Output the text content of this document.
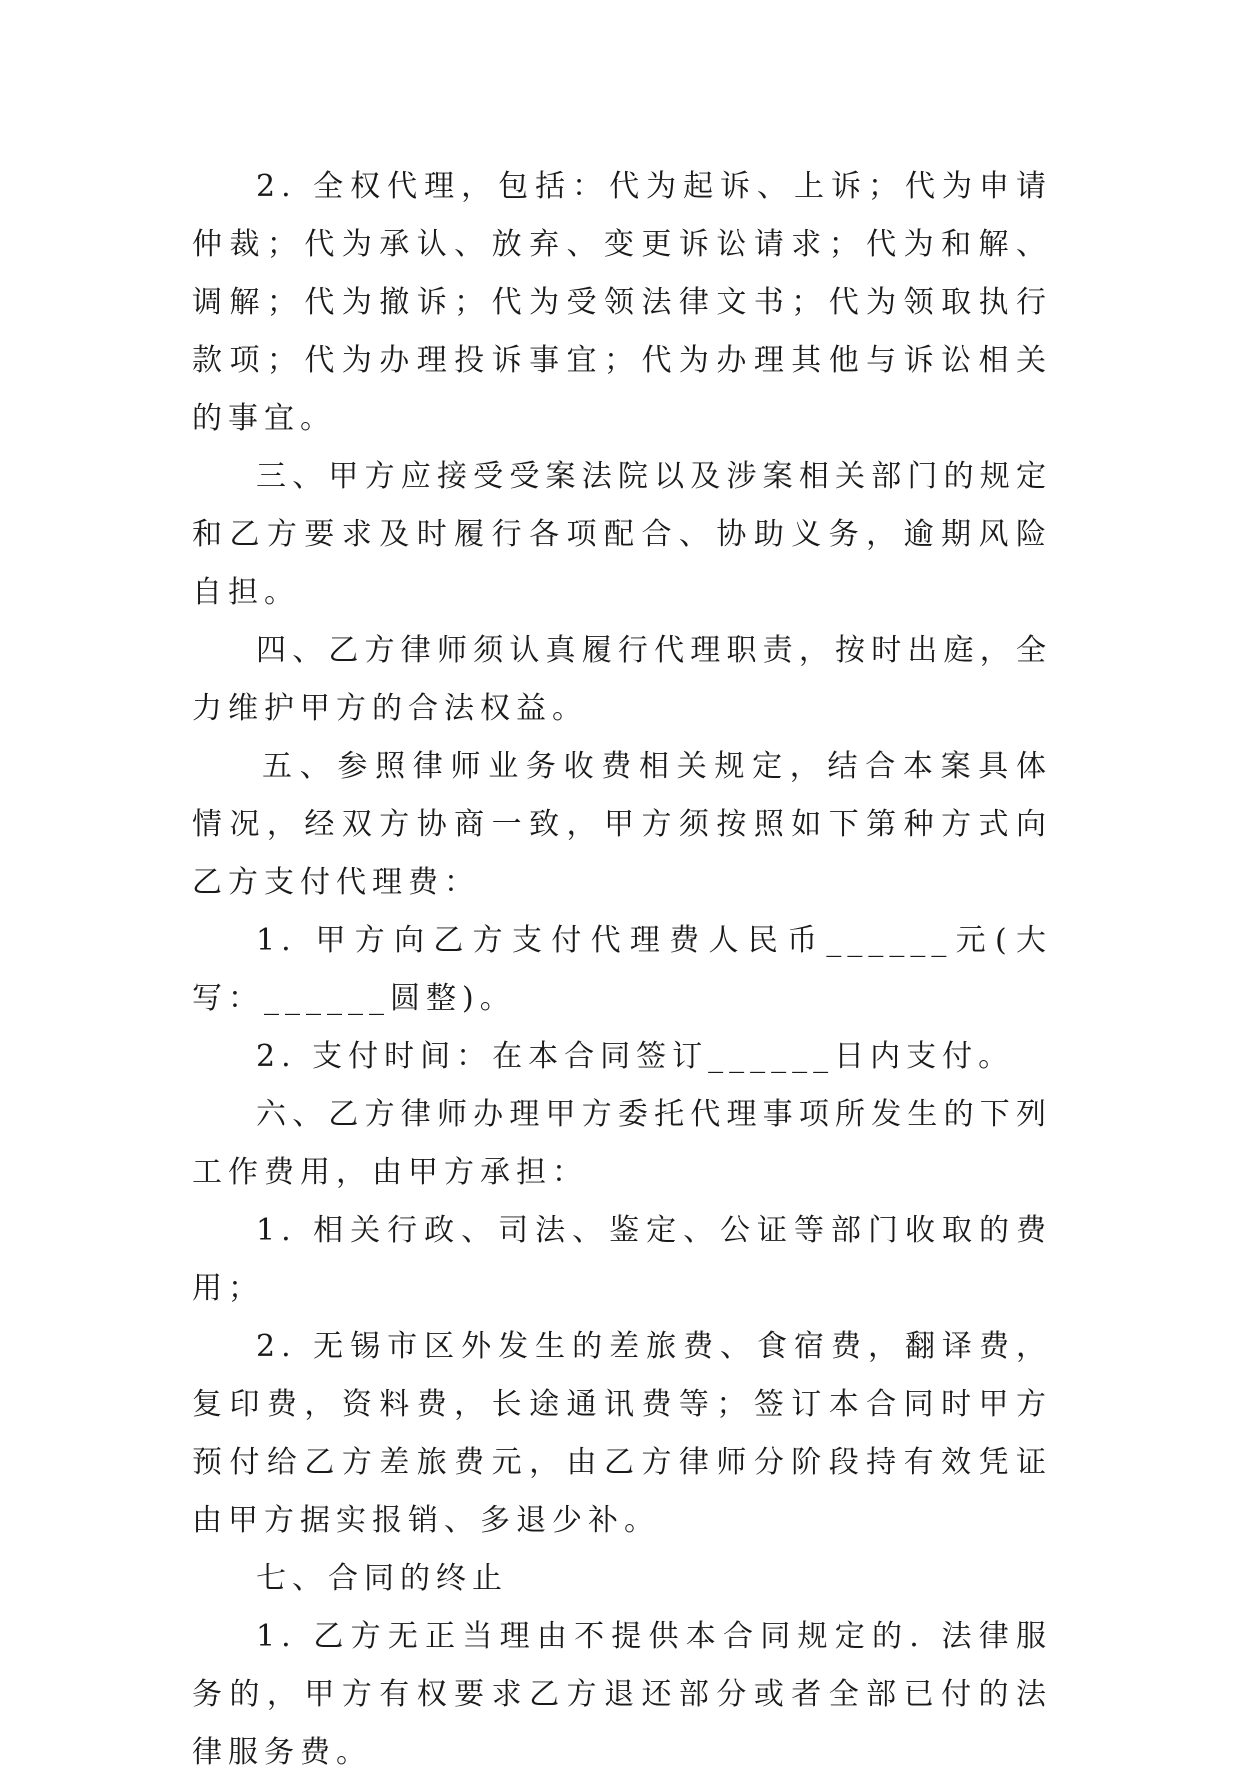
2. 全权代理，包括：代为起诉、上诉；代为申请仲裁；代为承认、放弃、变更诉讼请求；代为和解、调解；代为撤诉；代为受领法律文书；代为领取执行款项；代为办理投诉事宜；代为办理其他与诉讼相关的事宜。

三、甲方应接受受案法院以及涉案相关部门的规定和乙方要求及时履行各项配合、协助义务，逾期风险自担。

四、乙方律师须认真履行代理职责，按时出庭，全力维护甲方的合法权益。

五、参照律师业务收费相关规定，结合本案具体情况，经双方协商一致，甲方须按照如下第种方式向乙方支付代理费：

1. 甲方向乙方支付代理费人民币______元(大写：______圆整)。

2. 支付时间：在本合同签订______日内支付。

六、乙方律师办理甲方委托代理事项所发生的下列工作费用，由甲方承担：

1. 相关行政、司法、鉴定、公证等部门收取的费用；

2. 无锡市区外发生的差旅费、食宿费，翻译费，复印费，资料费，长途通讯费等；签订本合同时甲方预付给乙方差旅费元，由乙方律师分阶段持有效凭证由甲方据实报销、多退少补。

七、合同的终止

1. 乙方无正当理由不提供本合同规定的. 法律服务的，甲方有权要求乙方退还部分或者全部已付的法律服务费。
